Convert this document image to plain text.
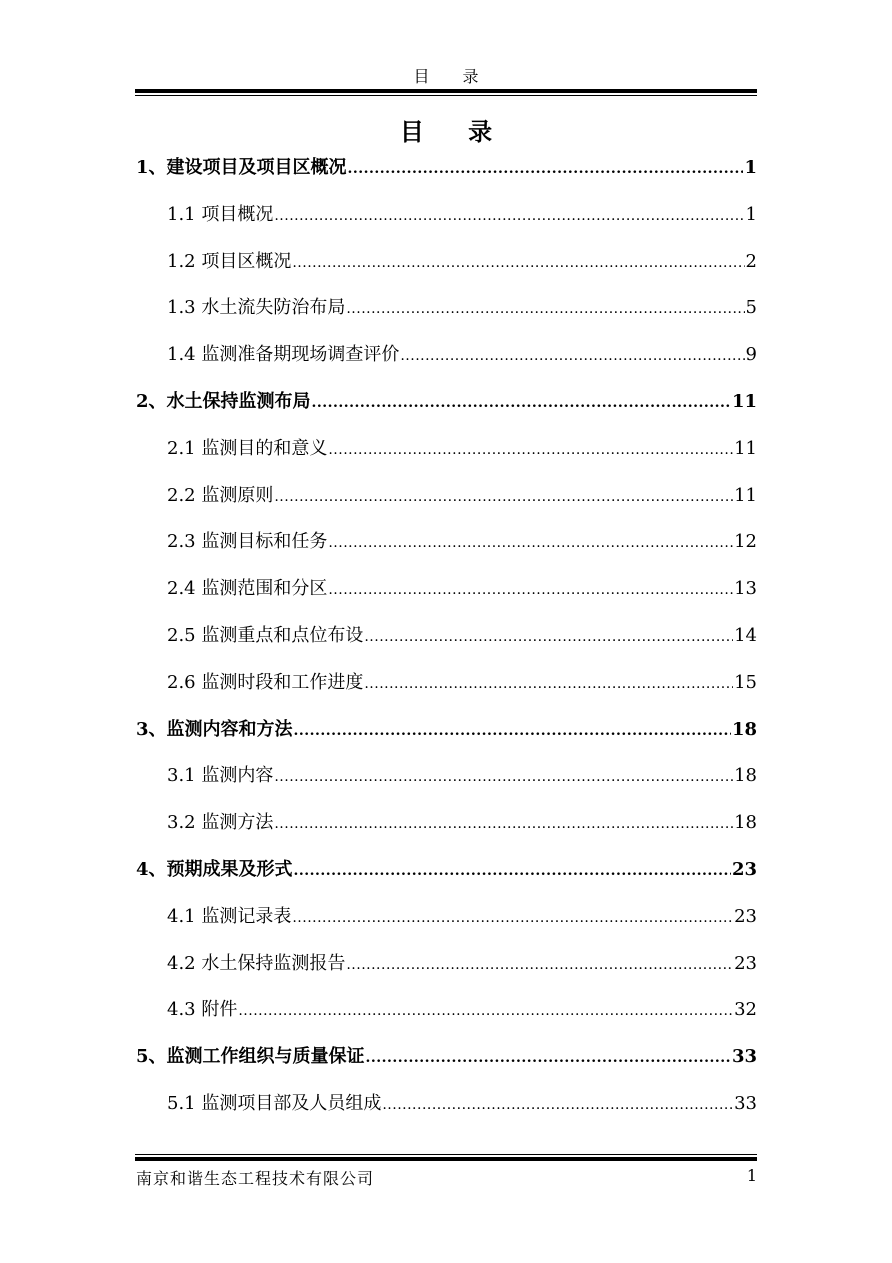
目 录
目 录
1、建设项目及项目区概况 .....	1
1.1 项目概况 .....	1
1.2 项目区概况 .....	2
1.3 水土流失防治布局 .....	5
1.4 监测准备期现场调查评价 .....	9
2、水土保持监测布局 .....	11
2.1 监测目的和意义 .....	11
2.2 监测原则 .....	11
2.3 监测目标和任务 .....	12
2.4 监测范围和分区 .....	13
2.5 监测重点和点位布设 .....	14
2.6 监测时段和工作进度 .....	15
3、监测内容和方法 .....	18
3.1 监测内容 .....	18
3.2 监测方法 .....	18
4、预期成果及形式 .....	23
4.1 监测记录表 .....	23
4.2 水土保持监测报告 .....	23
4.3 附件 .....	32
5、监测工作组织与质量保证 .....	33
5.1 监测项目部及人员组成 .....	33
南京和谐生态工程技术有限公司	1
